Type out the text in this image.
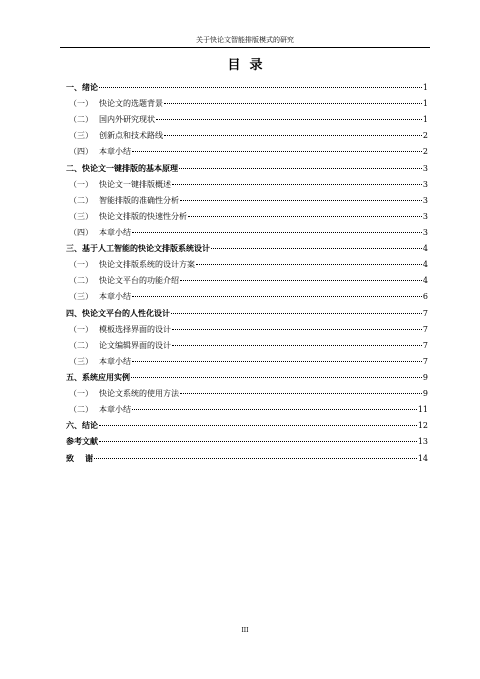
关于快论文智能排版模式的研究
目  录
一、 绪论	1
（一） 快论文的选题背景	1
（二） 国内外研究现状	1
（三） 创新点和技术路线	2
（四） 本章小结	2
二、 快论文一键排版的基本原理	3
（一） 快论文一键排版概述	3
（二） 智能排版的准确性分析	3
（三） 快论文排版的快速性分析	3
（四） 本章小结	3
三、 基于人工智能的快论文排版系统设计	4
（一） 快论文排版系统的设计方案	4
（二） 快论文平台的功能介绍	4
（三） 本章小结	6
四、 快论文平台的人性化设计	7
（一） 模板选择界面的设计	7
（二） 论文编辑界面的设计	7
（三） 本章小结	7
五、 系统应用实例	9
（一） 快论文系统的使用方法	9
（二） 本章小结	11
六、 结论	12
参考文献	13
致    谢	14
III
